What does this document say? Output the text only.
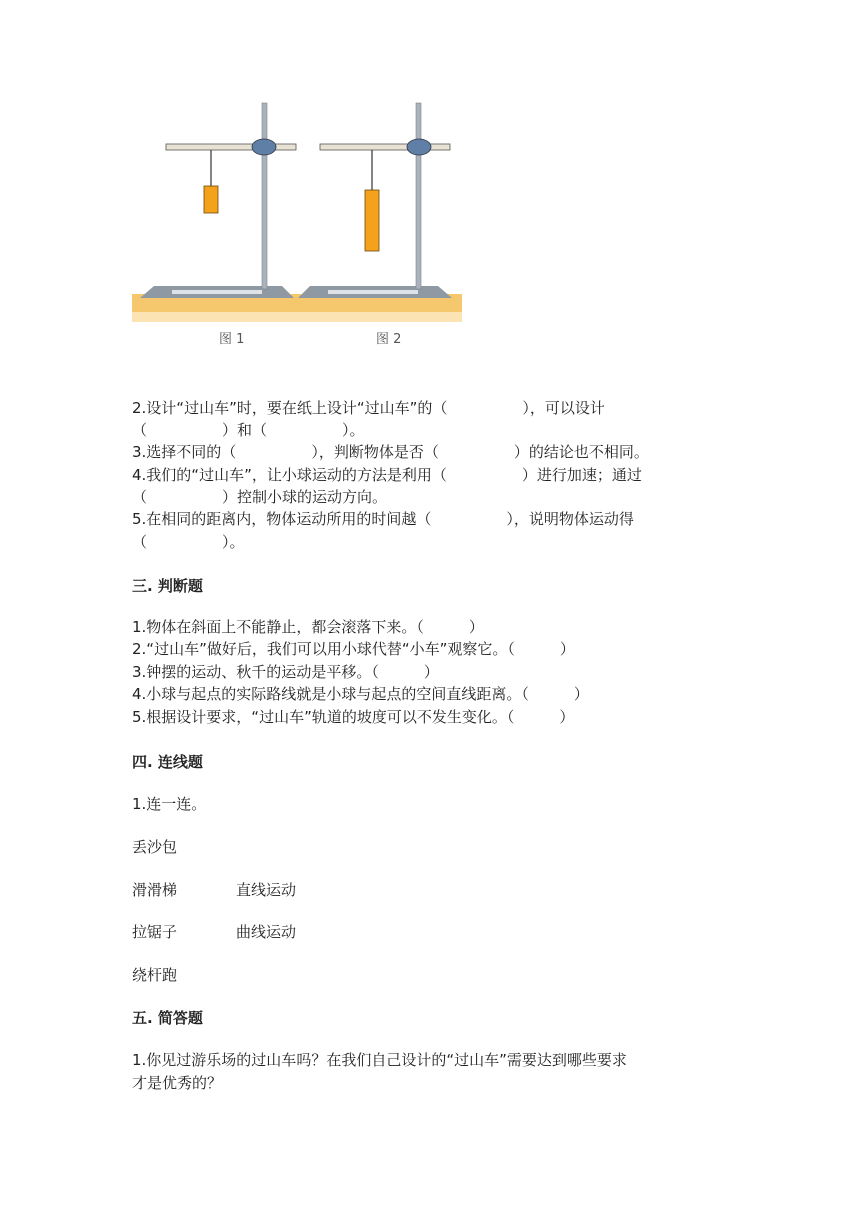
图 1	图 2
2.设计“过山车”时，要在纸上设计“过山车”的（　　　　　），可以设计
（　　　　　）和（　　　　　）。
3.选择不同的（　　　　　），判断物体是否（　　　　　）的结论也不相同。
4.我们的“过山车”，让小球运动的方法是利用（　　　　　）进行加速；通过
（　　　　　）控制小球的运动方向。
5.在相同的距离内，物体运动所用的时间越（　　　　　），说明物体运动得
（　　　　　）。
三. 判断题
1.物体在斜面上不能静止，都会滚落下来。（　　　）
2.“过山车”做好后，我们可以用小球代替“小车”观察它。（　　　）
3.钟摆的运动、秋千的运动是平移。（　　　）
4.小球与起点的实际路线就是小球与起点的空间直线距离。（　　　）
5.根据设计要求，“过山车”轨道的坡度可以不发生变化。（　　　）
四. 连线题
1.连一连。
丢沙包
滑滑梯	直线运动
拉锯子	曲线运动
绕杆跑
五. 简答题
1.你见过游乐场的过山车吗？在我们自己设计的“过山车”需要达到哪些要求
才是优秀的？
